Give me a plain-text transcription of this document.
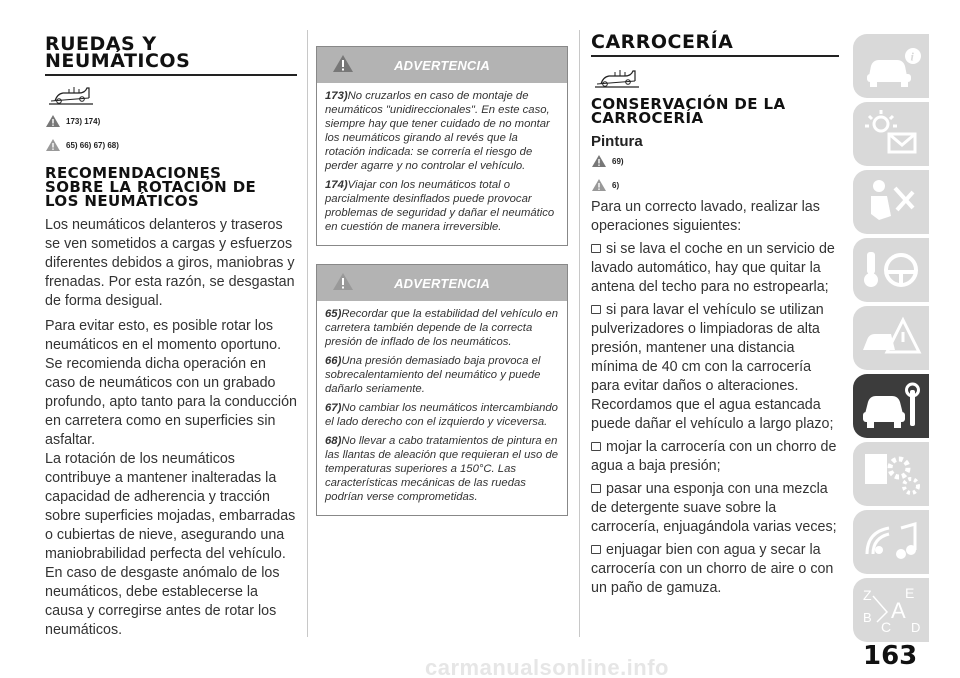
RUEDAS Y
NEUMÁTICOS
173) 174)
65) 66) 67) 68)
RECOMENDACIONES
SOBRE LA ROTACIÓN DE
LOS NEUMÁTICOS

Los neumáticos delanteros y traseros se ven sometidos a cargas y esfuerzos diferentes debidos a giros, maniobras y frenadas. Por esta razón, se desgastan de forma desigual.

Para evitar esto, es posible rotar los neumáticos en el momento oportuno. Se recomienda dicha operación en caso de neumáticos con un grabado profundo, apto tanto para la conducción en carretera como en superficies sin asfaltar.

La rotación de los neumáticos contribuye a mantener inalteradas la capacidad de adherencia y tracción sobre superficies mojadas, embarradas o cubiertas de nieve, asegurando una maniobrabilidad perfecta del vehículo.

En caso de desgaste anómalo de los neumáticos, debe establecerse la causa y corregirse antes de rotar los neumáticos.

ADVERTENCIA

173)No cruzarlos en caso de montaje de neumáticos "unidireccionales". En este caso, siempre hay que tener cuidado de no montar los neumáticos girando al revés que la rotación indicada: se correría el riesgo de perder agarre y no controlar el vehículo.

174)Viajar con los neumáticos total o parcialmente desinflados puede provocar problemas de seguridad y dañar el neumático en cuestión de manera irreversible.

ADVERTENCIA

65)Recordar que la estabilidad del vehículo en carretera también depende de la correcta presión de inflado de los neumáticos.

66)Una presión demasiado baja provoca el sobrecalentamiento del neumático y puede dañarlo seriamente.

67)No cambiar los neumáticos intercambiando el lado derecho con el izquierdo y viceversa.

68)No llevar a cabo tratamientos de pintura en las llantas de aleación que requieran el uso de temperaturas superiores a 150°C. Las características mecánicas de las ruedas podrían verse comprometidas.

CARROCERÍA
CONSERVACIÓN DE LA
CARROCERÍA
Pintura
69)
6)

Para un correcto lavado, realizar las operaciones siguientes:

si se lava el coche en un servicio de lavado automático, hay que quitar la antena del techo para no estropearla;
si para lavar el vehículo se utilizan pulverizadores o limpiadoras de alta presión, mantener una distancia mínima de 40 cm con la carrocería para evitar daños o alteraciones. Recordamos que el agua estancada puede dañar el vehículo a largo plazo;
mojar la carrocería con un chorro de agua a baja presión;
pasar una esponja con una mezcla de detergente suave sobre la carrocería, enjuagándola varias veces;
enjuagar bien con agua y secar la carrocería con un chorro de aire o con un paño de gamuza.
i
Z E
B
C
A
D
163
carmanualsonline.info
